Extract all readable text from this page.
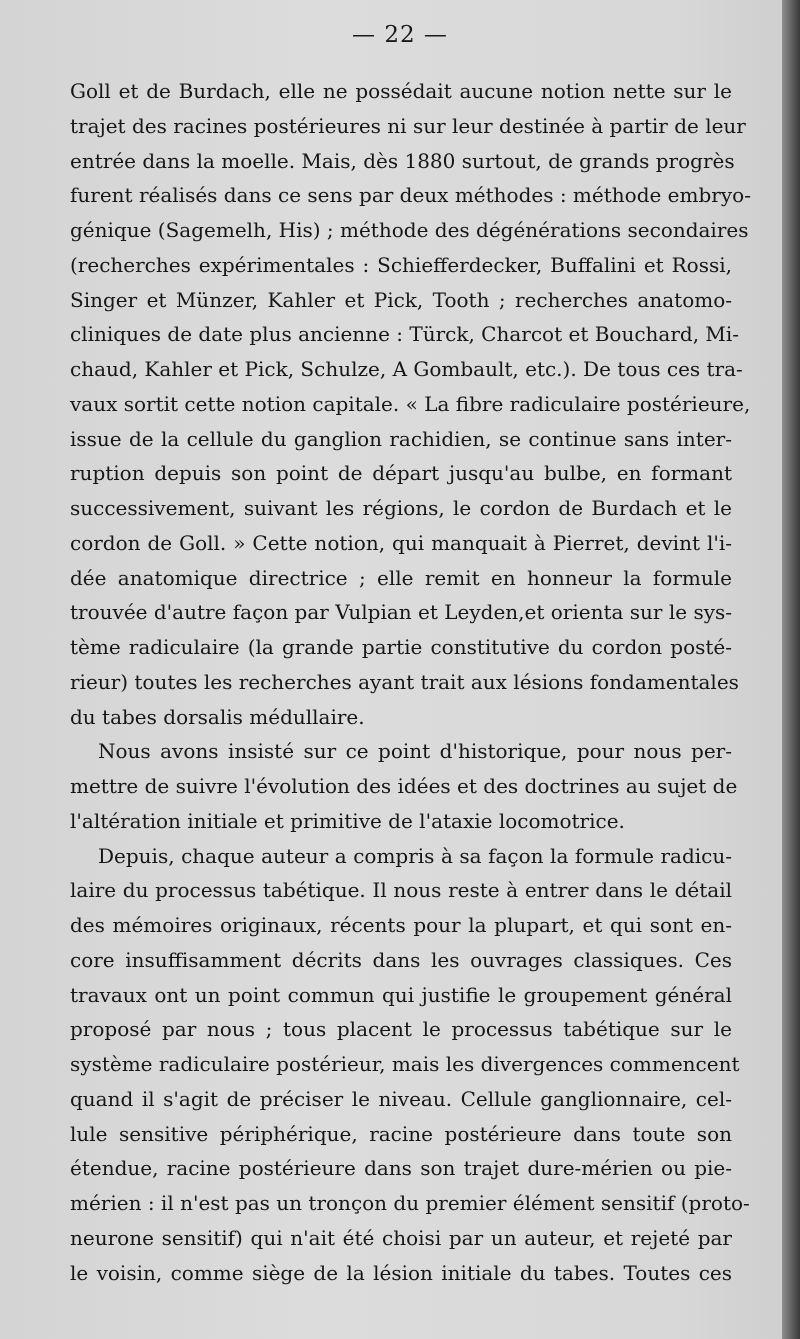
— 22 —
Goll et de Burdach, elle ne possédait aucune notion nette sur le
trajet des racines postérieures ni sur leur destinée à partir de leur
entrée dans la moelle. Mais, dès 1880 surtout, de grands progrès
furent réalisés dans ce sens par deux méthodes : méthode embryo-
génique (Sagemelh, His) ; méthode des dégénérations secondaires
(recherches expérimentales : Schiefferdecker, Buffalini et Rossi,
Singer et Münzer, Kahler et Pick, Tooth ; recherches anatomo-
cliniques de date plus ancienne : Türck, Charcot et Bouchard, Mi-
chaud, Kahler et Pick, Schulze, A Gombault, etc.). De tous ces tra-
vaux sortit cette notion capitale. « La fibre radiculaire postérieure,
issue de la cellule du ganglion rachidien, se continue sans inter-
ruption depuis son point de départ jusqu'au bulbe, en formant
successivement, suivant les régions, le cordon de Burdach et le
cordon de Goll. » Cette notion, qui manquait à Pierret, devint l'i-
dée anatomique directrice ; elle remit en honneur la formule
trouvée d'autre façon par Vulpian et Leyden,et orienta sur le sys-
tème radiculaire (la grande partie constitutive du cordon posté-
rieur) toutes les recherches ayant trait aux lésions fondamentales
du tabes dorsalis médullaire.
Nous avons insisté sur ce point d'historique, pour nous per-
mettre de suivre l'évolution des idées et des doctrines au sujet de
l'altération initiale et primitive de l'ataxie locomotrice.
Depuis, chaque auteur a compris à sa façon la formule radicu-
laire du processus tabétique. Il nous reste à entrer dans le détail
des mémoires originaux, récents pour la plupart, et qui sont en-
core insuffisamment décrits dans les ouvrages classiques. Ces
travaux ont un point commun qui justifie le groupement général
proposé par nous ; tous placent le processus tabétique sur le
système radiculaire postérieur, mais les divergences commencent
quand il s'agit de préciser le niveau. Cellule ganglionnaire, cel-
lule sensitive périphérique, racine postérieure dans toute son
étendue, racine postérieure dans son trajet dure-mérien ou pie-
mérien : il n'est pas un tronçon du premier élément sensitif (proto-
neurone sensitif) qui n'ait été choisi par un auteur, et rejeté par
le voisin, comme siège de la lésion initiale du tabes. Toutes ces
